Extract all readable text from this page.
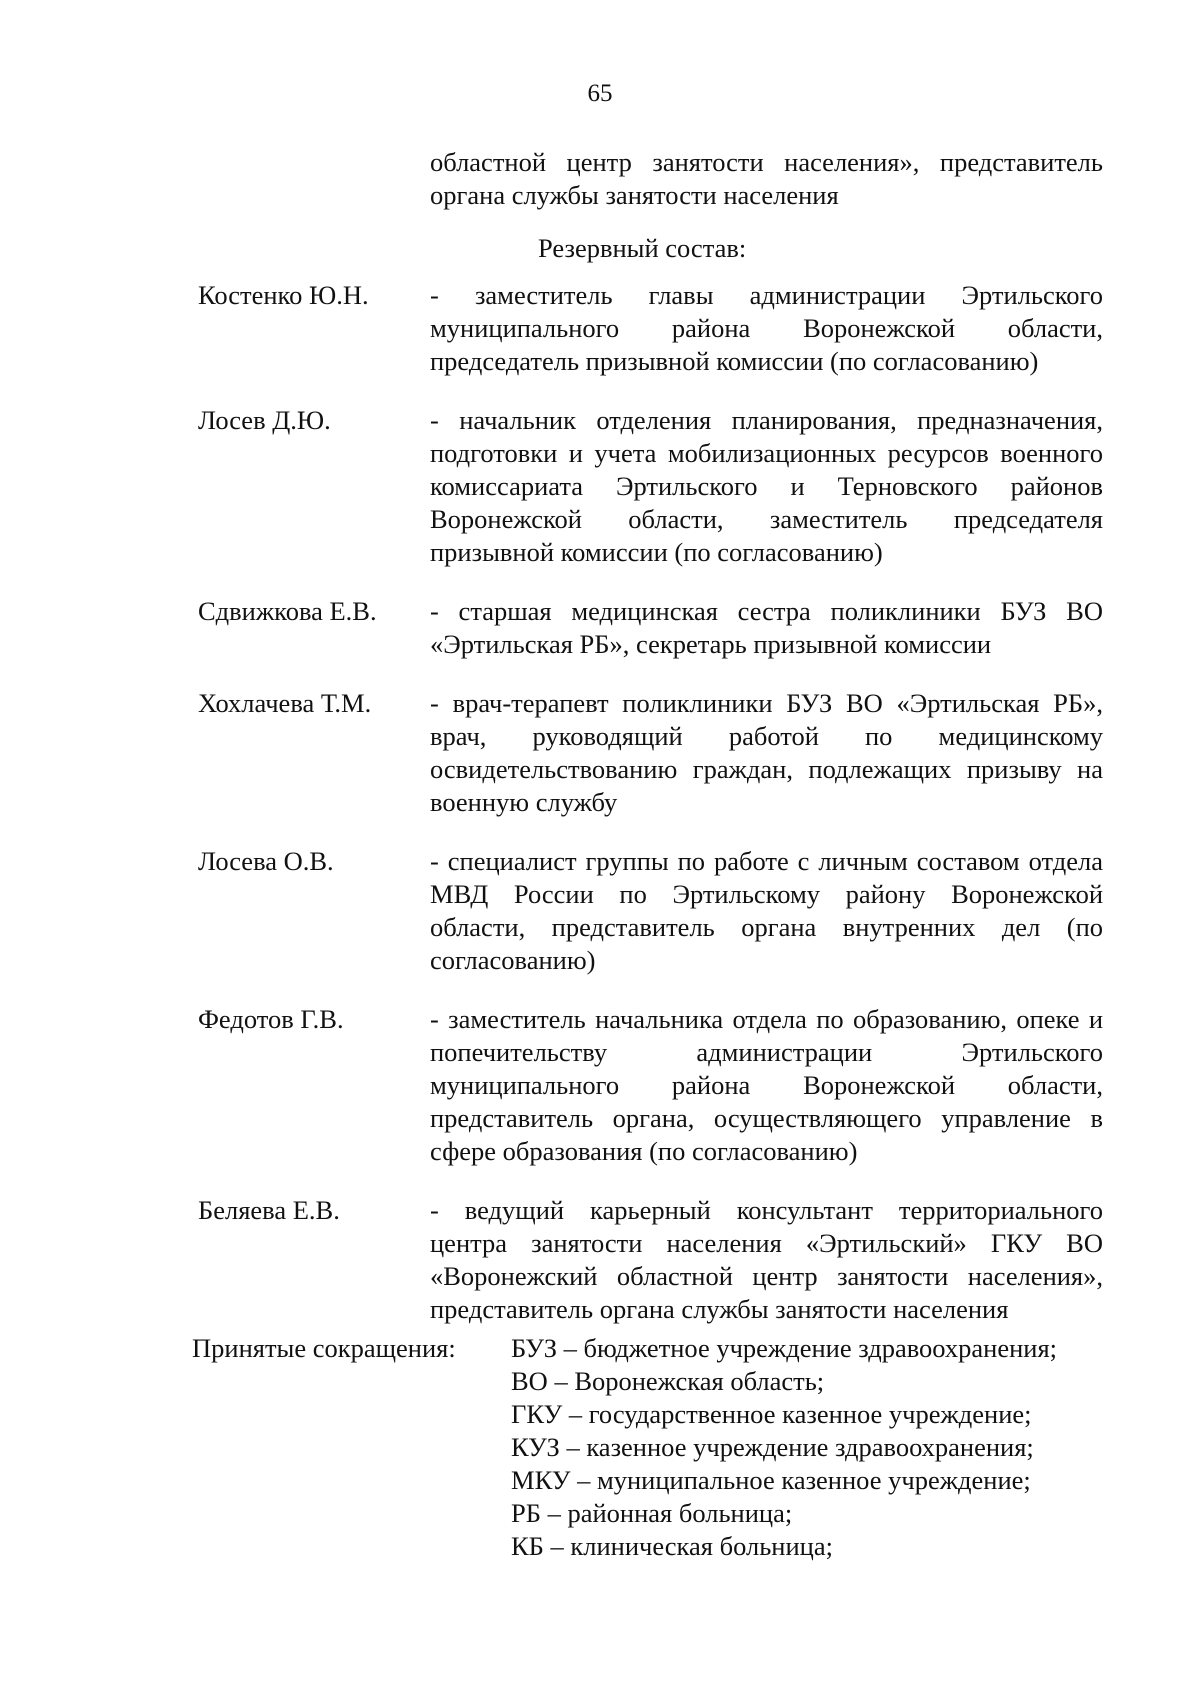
65
областной центр занятости населения», представитель органа службы занятости населения
Резервный состав:
Костенко Ю.Н.	- заместитель главы администрации Эртильского муниципального района Воронежской области, председатель призывной комиссии (по согласованию)
Лосев Д.Ю.	- начальник отделения планирования, предназначения, подготовки и учета мобилизационных ресурсов военного комиссариата Эртильского и Терновского районов Воронежской области, заместитель председателя призывной комиссии (по согласованию)
Сдвижкова Е.В.	- старшая медицинская сестра поликлиники БУЗ ВО «Эртильская РБ», секретарь призывной комиссии
Хохлачева Т.М.	- врач-терапевт поликлиники БУЗ ВО «Эртильская РБ», врач, руководящий работой по медицинскому освидетельствованию граждан, подлежащих призыву на военную службу
Лосева О.В.	- специалист группы по работе с личным составом отдела МВД России по Эртильскому району Воронежской области, представитель органа внутренних дел (по согласованию)
Федотов Г.В.	- заместитель начальника отдела по образованию, опеке и попечительству администрации Эртильского муниципального района Воронежской области, представитель органа, осуществляющего управление в сфере образования (по согласованию)
Беляева Е.В.	- ведущий карьерный консультант территориального центра занятости населения «Эртильский» ГКУ ВО «Воронежский областной центр занятости населения», представитель органа службы занятости населения
Принятые сокращения:	БУЗ – бюджетное учреждение здравоохранения;
ВО – Воронежская область;
ГКУ – государственное казенное учреждение;
КУЗ – казенное учреждение здравоохранения;
МКУ – муниципальное казенное учреждение;
РБ – районная больница;
КБ – клиническая больница;
